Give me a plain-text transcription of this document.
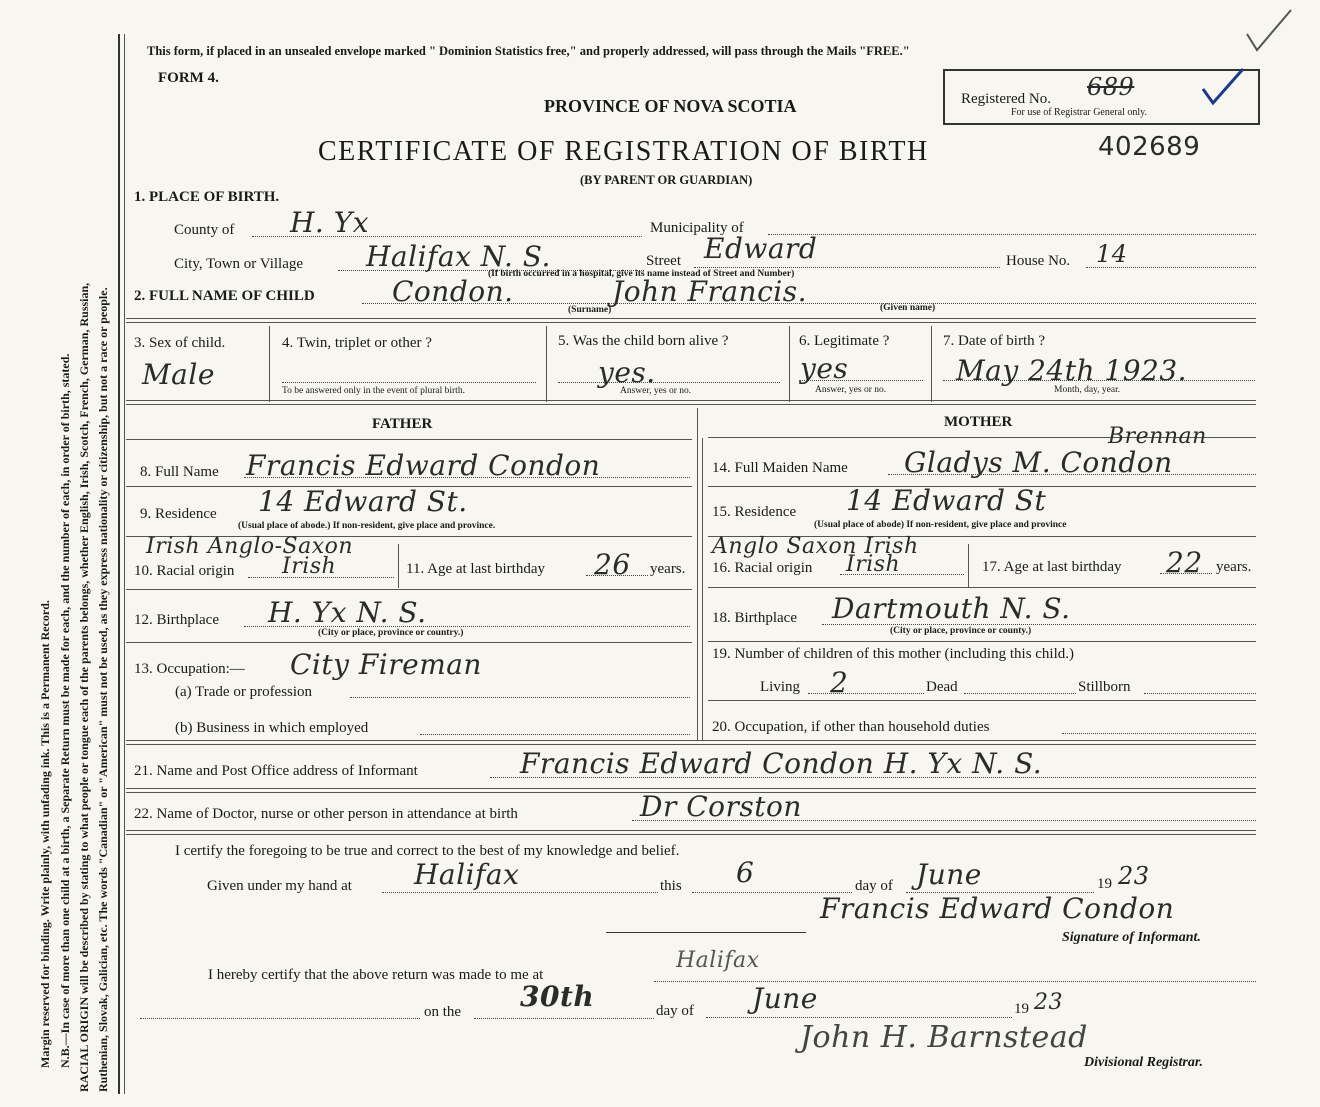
Margin reserved for binding. Write plainly, with unfading ink. This is a Permanent Record. N.B.—In case of more than one child at a birth, a Separate Return must be made for each, and the number of each, in order of birth, stated. RACIAL ORIGIN will be described by stating to what people or tongue each of the parents belongs, whether English, Irish, Scotch, French, German, Russian, Ruthenian, Slovak, Galician, etc. The words "Canadian" or "American" must not be used, as they express nationality or citizenship, but not a race or people.
This form, if placed in an unsealed envelope marked " Dominion Statistics free," and properly addressed, will pass through the Mails "FREE."
FORM 4.
PROVINCE OF NOVA SCOTIA	Registered No. 689
For use of Registrar General only.
CERTIFICATE OF REGISTRATION OF BIRTH	402689
(BY PARENT OR GUARDIAN)
1. PLACE OF BIRTH.
County of H. Yx	Municipality of
City, Town or Village Halifax N. S.	Street Edward	House No. 14
(If birth occurred in a hospital, give its name instead of Street and Number)
2. FULL NAME OF CHILD	Condon.	John Francis.
(Surname)	(Given name)
3. Sex of child.
Male
4. Twin, triplet or other ?
To be answered only in the event of plural birth.
5. Was the child born alive ?
yes.
Answer, yes or no.
6. Legitimate ?
yes
Answer, yes or no.
7. Date of birth ?
May 24th 1923.
Month, day, year.
FATHER	MOTHER
8. Full Name Francis Edward Condon
9. Residence 14 Edward St.
(Usual place of abode.) If non-resident, give place and province.
Irish Anglo-Saxon
10. Racial origin Irish	11. Age at last birthday 26 years.
12. Birthplace H. Yx N. S.
(City or place, province or country.)
13. Occupation:— City Fireman
(a) Trade or profession
(b) Business in which employed
Brennan
14. Full Maiden Name Gladys M. Condon
15. Residence 14 Edward St
(Usual place of abode) If non-resident, give place and province
Anglo Saxon Irish
16. Racial origin Irish	17. Age at last birthday 22 years.
18. Birthplace Dartmouth N. S.
(City or place, province or county.)
19. Number of children of this mother (including this child.)
Living 2	Dead	Stillborn
20. Occupation, if other than household duties
21. Name and Post Office address of Informant	Francis Edward Condon H. Yx N. S.
22. Name of Doctor, nurse or other person in attendance at birth	Dr Corston
I certify the foregoing to be true and correct to the best of my knowledge and belief.
Given under my hand at Halifax	this 6	day of June	19 23
Francis Edward Condon
Signature of Informant.
I hereby certify that the above return was made to me at
Halifax
on the 30th	day of June	19 23
John H. Barnstead
Divisional Registrar.
